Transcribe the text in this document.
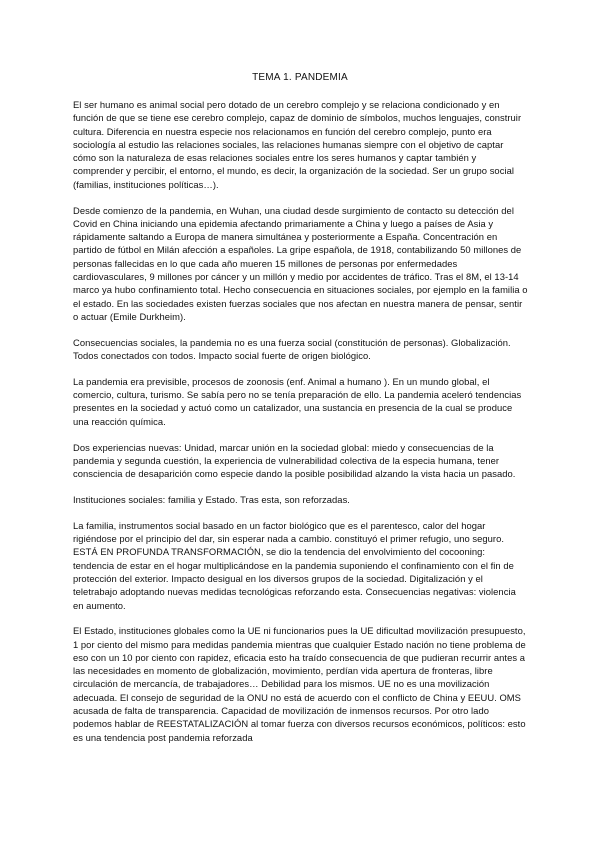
TEMA 1. PANDEMIA

El ser humano es animal social pero dotado de un cerebro complejo y se relaciona condicionado y en función de que se tiene ese cerebro complejo, capaz de dominio de símbolos, muchos lenguajes, construir cultura. Diferencia en nuestra especie nos relacionamos en función del cerebro complejo, punto era sociología al estudio las relaciones sociales, las relaciones humanas siempre con el objetivo de captar cómo son la naturaleza de esas relaciones sociales entre los seres humanos y captar también y comprender y percibir, el entorno, el mundo, es decir, la organización de la sociedad. Ser un grupo social (familias, instituciones políticas…).

Desde comienzo de la pandemia, en Wuhan, una ciudad desde surgimiento de contacto su detección del Covid en China iniciando una epidemia afectando primariamente a China y luego a países de Asia y rápidamente saltando a Europa de manera simultánea y posteriormente a España. Concentración en partido de fútbol en Milán afección a españoles. La gripe española, de 1918, contabilizando 50 millones de personas fallecidas en lo que cada año mueren 15 millones de personas por enfermedades cardiovasculares, 9 millones por cáncer y un millón y medio por accidentes de tráfico. Tras el 8M, el 13-14 marco ya hubo confinamiento total. Hecho consecuencia en situaciones sociales, por ejemplo en la familia o el estado. En las sociedades existen fuerzas sociales que nos afectan en nuestra manera de pensar, sentir o actuar (Emile Durkheim).

Consecuencias sociales, la pandemia no es una fuerza social (constitución de personas). Globalización. Todos conectados con todos. Impacto social fuerte de origen biológico.

La pandemia era previsible, procesos de zoonosis (enf. Animal a humano ). En un mundo global, el comercio, cultura, turismo. Se sabía pero no se tenía preparación de ello. La pandemia aceleró tendencias presentes en la sociedad y actuó como un catalizador, una sustancia en presencia de la cual se produce una reacción química.

Dos experiencias nuevas: Unidad, marcar unión en la sociedad global: miedo y consecuencias de la pandemia y segunda cuestión, la experiencia de vulnerabilidad colectiva de la especia humana, tener consciencia de desaparición como especie dando la posible posibilidad alzando la vista hacia un pasado.

Instituciones sociales: familia y Estado. Tras esta, son reforzadas.

La familia, instrumentos social basado en un factor biológico que es el parentesco, calor del hogar rigiéndose por el principio del dar, sin esperar nada a cambio. constituyó el primer refugio, uno seguro. ESTÁ EN PROFUNDA TRANSFORMACIÓN, se dio la tendencia del envolvimiento del cocooning: tendencia de estar en el hogar multiplicándose en la pandemia suponiendo el confinamiento con el fin de protección del exterior. Impacto desigual en los diversos grupos de la sociedad. Digitalización y el teletrabajo adoptando nuevas medidas tecnológicas reforzando esta. Consecuencias negativas: violencia en aumento.

El Estado, instituciones globales como la UE ni funcionarios pues la UE dificultad movilización presupuesto, 1 por ciento del mismo para medidas pandemia mientras que cualquier Estado nación no tiene problema de eso con un 10 por ciento con rapidez, eficacia esto ha traído consecuencia de que pudieran recurrir antes a las necesidades en momento de globalización, movimiento, perdían vida apertura de fronteras, libre circulación de mercancía, de trabajadores… Debilidad para los mismos. UE no es una movilización adecuada. El consejo de seguridad de la ONU no está de acuerdo con el conflicto de China y EEUU. OMS acusada de falta de transparencia. Capacidad de movilización de inmensos recursos. Por otro lado podemos hablar de REESTATALIZACIÓN al tomar fuerza con diversos recursos económicos, políticos: esto es una tendencia post pandemia reforzada
